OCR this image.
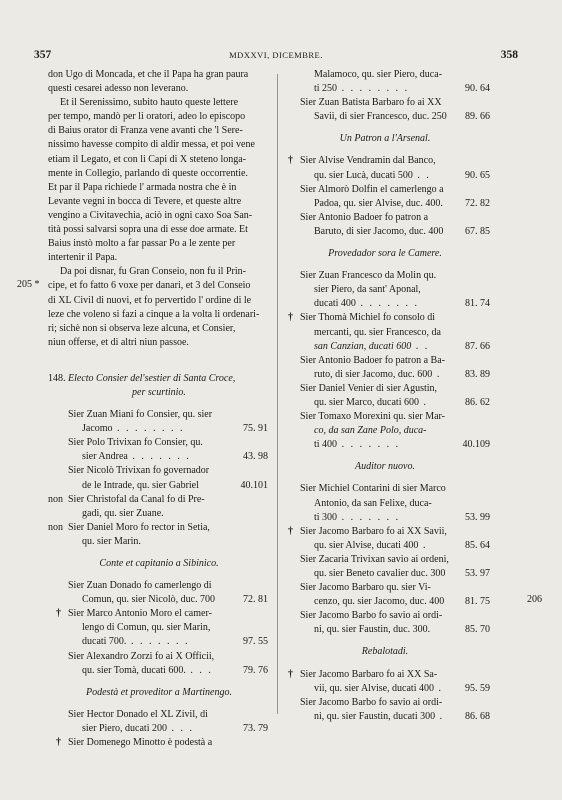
357	MDXXVI, DICEMBRE.	358
205 *
206
don Ugo di Moncada, et che il Papa ha gran paura
questi cesarei adesso non leverano.
Et il Serenissimo, subito hauto queste lettere
per tempo, mandò per li oratori, adeo lo episcopo
di Baius orator di Franza vene avanti che 'l Sere-
nissimo havesse compito di aldir messa, et poi vene
etiam il Legato, et con li Capi di X steteno longa-
mente in Collegio, parlando di queste occorrentie.
Et par il Papa richiede l' armada nostra che è in
Levante vegni in bocca di Tevere, et queste altre
vengino a Civitavechia, aciò in ogni caxo Soa San-
tità possi salvarsi sopra una di esse doe armate. Et
Baius instò molto a far passar Po a le zente per
intertenir il Papa.
Da poi disnar, fu Gran Conseio, non fu il Prin-
cipe, et fo fatto 6 voxe per danari, et 3 del Conseio
di XL Civil di nuovi, et fo pervertido l' ordine di le
leze che voleno si fazi a cinque a la volta li ordenari-
ri; sichè non si observa leze alcuna, et Consier,
niun offerse, et di altri niun passoe.
148. Electo Consier del'sestier di Santa Croce,
per scurtinio.
Sier Zuan Miani fo Consier, qu. sier
Jacomo . . . . . . . .	75. 91
Sier Polo Trivixan fo Consier, qu.
sier Andrea . . . . . . .	43. 98
Sier Nicolò Trivixan fo governador
de le Intrade, qu. sier Gabriel	40.101
non Sier Christofal da Canal fo di Pre-
gadi, qu. sier Zuane.
non Sier Daniel Moro fo rector in Setia,
qu. sier Marin.
Conte et capitanio a Sibinico.
Sier Zuan Donado fo camerlengo di
Comun, qu. sier Nicolò, duc. 700	72. 81
† Sier Marco Antonio Moro el camer-
lengo di Comun, qu. sier Marin,
ducati 700. . . . . . . .	97. 55
Sier Alexandro Zorzi fo ai X Officii,
qu. sier Tomà, ducati 600. . . .	79. 76
Podestà et proveditor a Martinengo.
Sier Hector Donado el XL Zivil, di
sier Piero, ducati 200 . . .	73. 79
† Sier Domenego Minotto è podestà a
Malamoco, qu. sier Piero, duca-
ti 250 . . . . . . . .	90. 64
Sier Zuan Batista Barbaro fo ai XX
Savii, di sier Francesco, duc. 250	89. 66
Un Patron a l'Arsenal.
† Sier Alvise Vendramin dal Banco,
qu. sier Lucà, ducati 500 . .	90. 65
Sier Almorò Dolfin el camerlengo a
Padoa, qu. sier Alvise, duc. 400.	72. 82
Sier Antonio Badoer fo patron a
Baruto, di sier Jacomo, duc. 400	67. 85
Provedador sora le Camere.
Sier Zuan Francesco da Molin qu.
sier Piero, da sant' Aponal,
ducati 400 . . . . . . .	81. 74
† Sier Thomà Michiel fo consolo di
mercanti, qu. sier Francesco, da
san Canzian, ducati 600 . .	87. 66
Sier Antonio Badoer fo patron a Ba-
ruto, di sier Jacomo, duc. 600 .	83. 89
Sier Daniel Venier di sier Agustin,
qu. sier Marco, ducati 600 .	86. 62
Sier Tomaxo Morexini qu. sier Mar-
co, da san Zane Polo, duca-
ti 400 . . . . . . .	40.109
Auditor nuovo.
Sier Michiel Contarini di sier Marco
Antonio, da san Felixe, duca-
ti 300 . . . . . . .	53. 99
† Sier Jacomo Barbaro fo ai XX Savii,
qu. sier Alvise, ducati 400 .	85. 64
Sier Zacaria Trivixan savio ai ordeni,
qu. sier Beneto cavalier duc. 300	53. 97
Sier Jacomo Barbaro qu. sier Vi-
cenzo, qu. sier Jacomo, duc. 400	81. 75
Sier Jacomo Barbo fo savio ai ordi-
ni, qu. sier Faustin, duc. 300.	85. 70
Rebalotadi.
† Sier Jacomo Barbaro fo ai XX Sa-
vii, qu. sier Alvise, ducati 400 .	95. 59
Sier Jacomo Barbo fo savio ai ordi-
ni, qu. sier Faustin, ducati 300 .	86. 68
